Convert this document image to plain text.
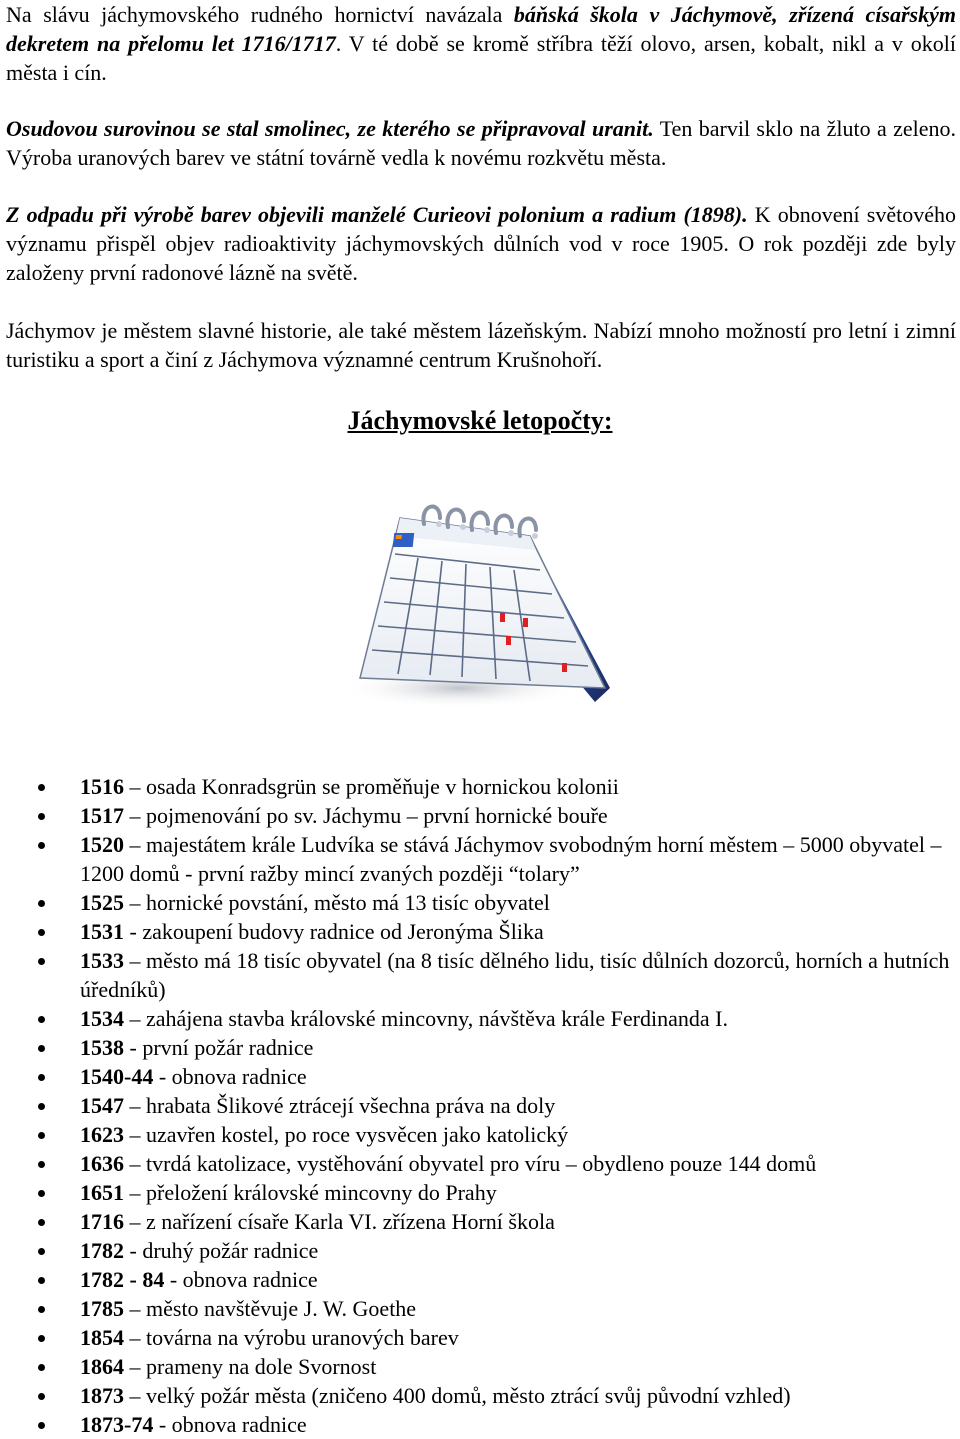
Na slávu jáchymovského rudného hornictví navázala báňská škola v Jáchymově, zřízená císařským dekretem na přelomu let 1716/1717. V té době se kromě stříbra těží olovo, arsen, kobalt, nikl a v okolí města i cín.

Osudovou surovinou se stal smolinec, ze kterého se připravoval uranit. Ten barvil sklo na žluto a zeleno. Výroba uranových barev ve státní továrně vedla k novému rozkvětu města.

Z odpadu při výrobě barev objevili manželé Curieovi polonium a radium (1898). K obnovení světového významu přispěl objev radioaktivity jáchymovských důlních vod v roce 1905. O rok později zde byly založeny první radonové lázně na světě.

Jáchymov je městem slavné historie, ale také městem lázeňským. Nabízí mnoho možností pro letní i zimní turistiku a sport a činí z Jáchymova významné centrum Krušnohoří.

Jáchymovské letopočty:
1516 – osada Konradsgrün se proměňuje v hornickou kolonii
1517 – pojmenování po sv. Jáchymu – první hornické bouře
1520 – majestátem krále Ludvíka se stává Jáchymov svobodným horní městem – 5000 obyvatel – 1200 domů - první ražby mincí zvaných později “tolary”
1525 – hornické povstání, město má 13 tisíc obyvatel
1531 - zakoupení budovy radnice od Jeronýma Šlika
1533 – město má 18 tisíc obyvatel (na 8 tisíc dělného lidu, tisíc důlních dozorců, horních a hutních úředníků)
1534 – zahájena stavba královské mincovny, návštěva krále Ferdinanda I.
1538 - první požár radnice
1540-44 - obnova radnice
1547 – hrabata Šlikové ztrácejí všechna práva na doly
1623 – uzavřen kostel, po roce vysvěcen jako katolický
1636 – tvrdá katolizace, vystěhování obyvatel pro víru – obydleno pouze 144 domů
1651 – přeložení královské mincovny do Prahy
1716 – z nařízení císaře Karla VI. zřízena Horní škola
1782 - druhý požár radnice
1782 - 84 - obnova radnice
1785 – město navštěvuje J. W. Goethe
1854 – továrna na výrobu uranových barev
1864 – prameny na dole Svornost
1873 – velký požár města (zničeno 400 domů, město ztrácí svůj původní vzhled)
1873-74 - obnova radnice
